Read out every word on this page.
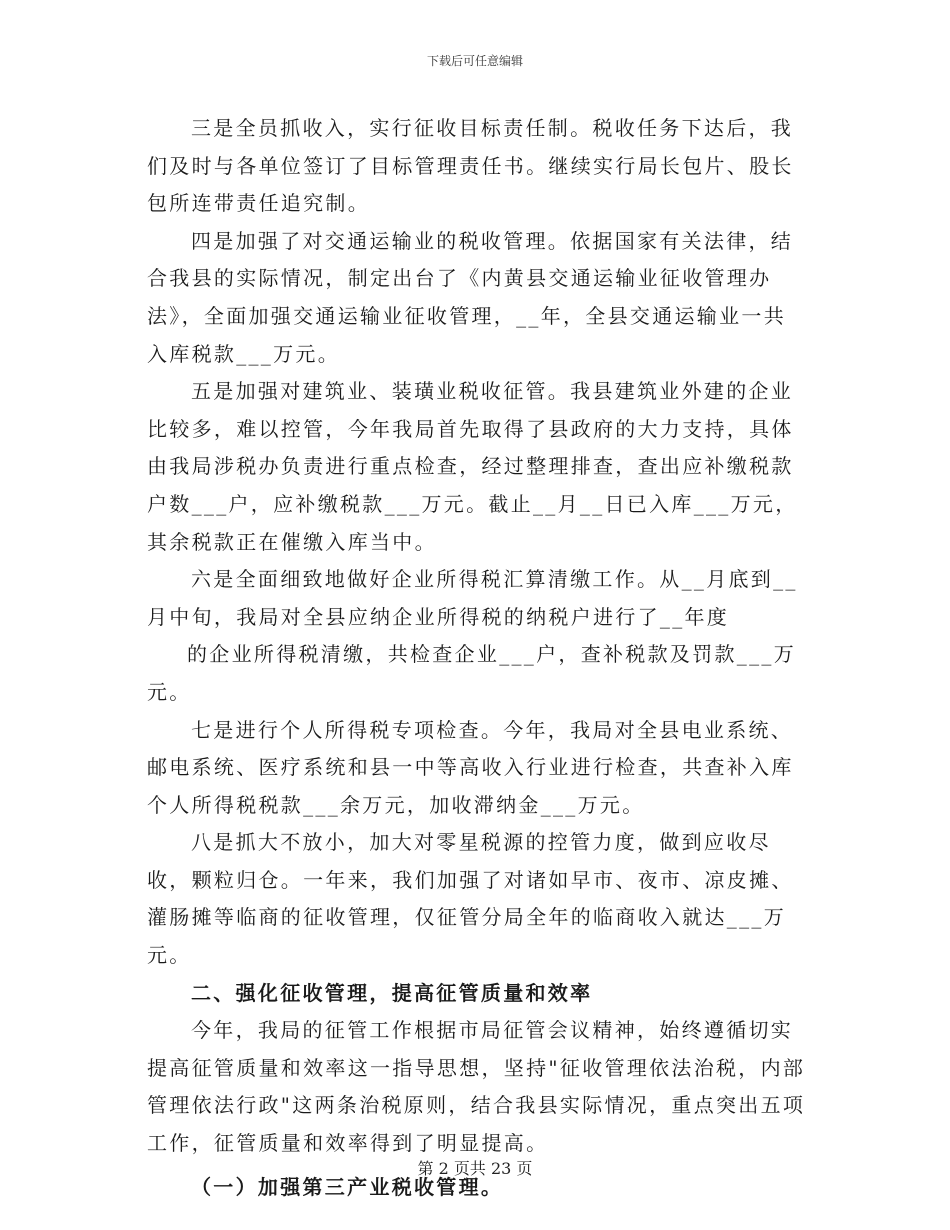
下载后可任意编辑

三是全员抓收入，实行征收目标责任制。税收任务下达后，我们及时与各单位签订了目标管理责任书。继续实行局长包片、股长包所连带责任追究制。

四是加强了对交通运输业的税收管理。依据国家有关法律，结合我县的实际情况，制定出台了《内黄县交通运输业征收管理办法》，全面加强交通运输业征收管理，__年，全县交通运输业一共入库税款___万元。

五是加强对建筑业、装璜业税收征管。我县建筑业外建的企业比较多，难以控管，今年我局首先取得了县政府的大力支持，具体由我局涉税办负责进行重点检查，经过整理排查，查出应补缴税款户数___户，应补缴税款___万元。截止__月__日已入库___万元，其余税款正在催缴入库当中。

六是全面细致地做好企业所得税汇算清缴工作。从__月底到__月中旬，我局对全县应纳企业所得税的纳税户进行了__年度

的企业所得税清缴，共检查企业___户，查补税款及罚款___万元。

七是进行个人所得税专项检查。今年，我局对全县电业系统、邮电系统、医疗系统和县一中等高收入行业进行检查，共查补入库个人所得税税款___余万元，加收滞纳金___万元。

八是抓大不放小，加大对零星税源的控管力度，做到应收尽收，颗粒归仓。一年来，我们加强了对诸如早市、夜市、凉皮摊、灌肠摊等临商的征收管理，仅征管分局全年的临商收入就达___万元。

二、强化征收管理，提高征管质量和效率

今年，我局的征管工作根据市局征管会议精神，始终遵循切实提高征管质量和效率这一指导思想，坚持"征收管理依法治税，内部管理依法行政"这两条治税原则，结合我县实际情况，重点突出五项工作，征管质量和效率得到了明显提高。

（一）加强第三产业税收管理。
第 2 页共 23 页
